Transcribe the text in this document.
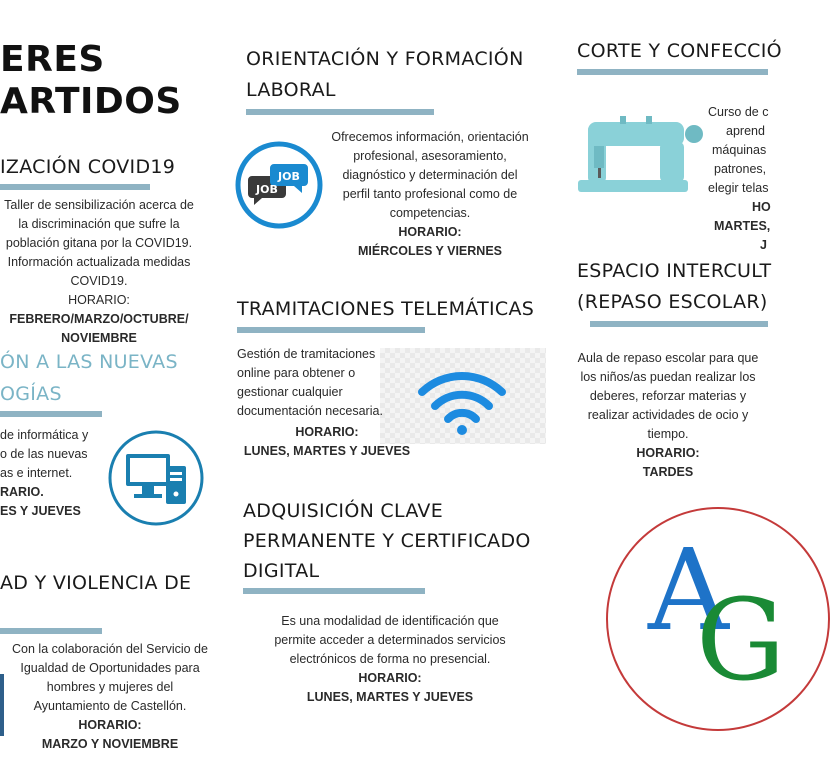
ERES
ARTIDOS
IZACIÓN COVID19
Taller de sensibilización acerca de
la discriminación que sufre la
población gitana por la COVID19.
Información actualizada medidas
COVID19.
HORARIO:
FEBRERO/MARZO/OCTUBRE/
NOVIEMBRE
ÓN A LAS NUEVAS
OGÍAS
de informática y
o de las nuevas
as e internet.
RARIO.
ES Y JUEVES
AD Y VIOLENCIA DE
Con la colaboración del Servicio de
Igualdad de Oportunidades para
hombres y mujeres del
Ayuntamiento de Castellón.
HORARIO:
MARZO Y NOVIEMBRE
ORIENTACIÓN Y FORMACIÓN
LABORAL
JOB
JOB
Ofrecemos información, orientación
profesional, asesoramiento,
diagnóstico y determinación del
perfil tanto profesional como de
competencias.
HORARIO:
MIÉRCOLES Y VIERNES
TRAMITACIONES TELEMÁTICAS
Gestión de tramitaciones
online para obtener o
gestionar cualquier
documentación necesaria.
HORARIO:
LUNES, MARTES Y JUEVES
ADQUISICIÓN CLAVE
PERMANENTE Y CERTIFICADO
DIGITAL
Es una modalidad de identificación que
permite acceder a determinados servicios
electrónicos de forma no presencial.
HORARIO:
LUNES, MARTES Y JUEVES
CORTE Y CONFECCIÓ
Curso de c
aprend
máquinas
patrones,
elegir telas
HO
MARTES,
J
ESPACIO INTERCULT
(REPASO ESCOLAR)
Aula de repaso escolar para que
los niños/as puedan realizar los
deberes, reforzar materias y
realizar actividades de ocio y
tiempo.
HORARIO:
TARDES
A
G
